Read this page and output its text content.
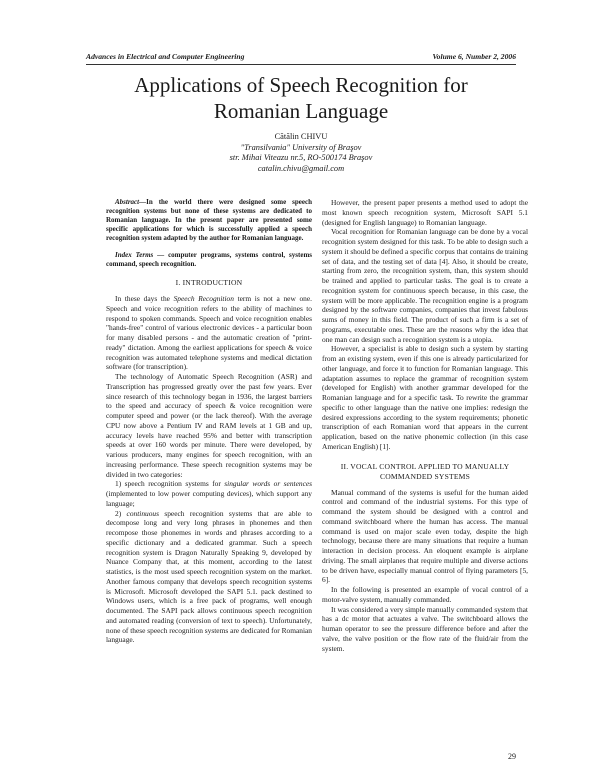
Advances in Electrical and Computer Engineering	Volume 6, Number 2, 2006
Applications of Speech Recognition for
Romanian Language
Cătălin CHIVU
"Transilvania" University of Braşov
str. Mihai Viteazu nr.5, RO-500174 Braşov
catalin.chivu@gmail.com

Abstract—In the world there were designed some speech recognition systems but none of these systems are dedicated to Romanian language. In the present paper are presented some specific applications for which is successfully applied a speech recognition system adapted by the author for Romanian language.

Index Terms — computer programs, systems control, systems command, speech recognition.

I. INTRODUCTION

In these days the Speech Recognition term is not a new one. Speech and voice recognition refers to the ability of machines to respond to spoken commands. Speech and voice recognition enables "hands-free" control of various electronic devices - a particular boon for many disabled persons - and the automatic creation of "print-ready" dictation. Among the earliest applications for speech & voice recognition was automated telephone systems and medical dictation software (for transcription).

The technology of Automatic Speech Recognition (ASR) and Transcription has progressed greatly over the past few years. Ever since research of this technology began in 1936, the largest barriers to the speed and accuracy of speech & voice recognition were computer speed and power (or the lack thereof). With the average CPU now above a Pentium IV and RAM levels at 1 GB and up, accuracy levels have reached 95% and better with transcription speeds at over 160 words per minute. There were developed, by various producers, many engines for speech recognition, with an increasing performance. These speech recognition systems may be divided in two categories:

1) speech recognition systems for singular words or sentences (implemented to low power computing devices), which support any language;

2) continuous speech recognition systems that are able to decompose long and very long phrases in phonemes and then recompose those phonemes in words and phrases according to a specific dictionary and a dedicated grammar. Such a speech recognition system is Dragon Naturally Speaking 9, developed by Nuance Company that, at this moment, according to the latest statistics, is the most used speech recognition system on the market. Another famous company that develops speech recognition systems is Microsoft. Microsoft developed the SAPI 5.1. pack destined to Windows users, which is a free pack of programs, well enough documented. The SAPI pack allows continuous speech recognition and automated reading (conversion of text to speech). Unfortunately, none of these speech recognition systems are dedicated for Romanian language.

However, the present paper presents a method used to adopt the most known speech recognition system, Microsoft SAPI 5.1 (designed for English language) to Romanian language.

Vocal recognition for Romanian language can be done by a vocal recognition system designed for this task. To be able to design such a system it should be defined a specific corpus that contains de training set of data, and the testing set of data [4]. Also, it should be create, starting from zero, the recognition system, than, this system should be trained and applied to particular tasks. The goal is to create a recognition system for continuous speech because, in this case, the system will be more applicable. The recognition engine is a program designed by the software companies, companies that invest fabulous sums of money in this field. The product of such a firm is a set of programs, executable ones. These are the reasons why the idea that one man can design such a recognition system is a utopia.

However, a specialist is able to design such a system by starting from an existing system, even if this one is already particularized for other language, and force it to function for Romanian language. This adaptation assumes to replace the grammar of recognition system (developed for English) with another grammar developed for the Romanian language and for a specific task. To rewrite the grammar specific to other language than the native one implies: redesign the desired expressions according to the system requirements; phonetic transcription of each Romanian word that appears in the current application, based on the native phonemic collection (in this case American English) [1].

II. VOCAL CONTROL APPLIED TO MANUALLY
COMMANDED SYSTEMS

Manual command of the systems is useful for the human aided control and command of the industrial systems. For this type of command the system should be designed with a control and command switchboard where the human has access. The manual command is used on major scale even today, despite the high technology, because there are many situations that require a human interaction in decision process. An eloquent example is airplane driving. The small airplanes that require multiple and diverse actions to be driven have, especially manual control of flying parameters [5, 6].

In the following is presented an example of vocal control of a motor-valve system, manually commanded.

It was considered a very simple manually commanded system that has a dc motor that actuates a valve. The switchboard allows the human operator to see the pressure difference before and after the valve, the valve position or the flow rate of the fluid/air from the system.

29
